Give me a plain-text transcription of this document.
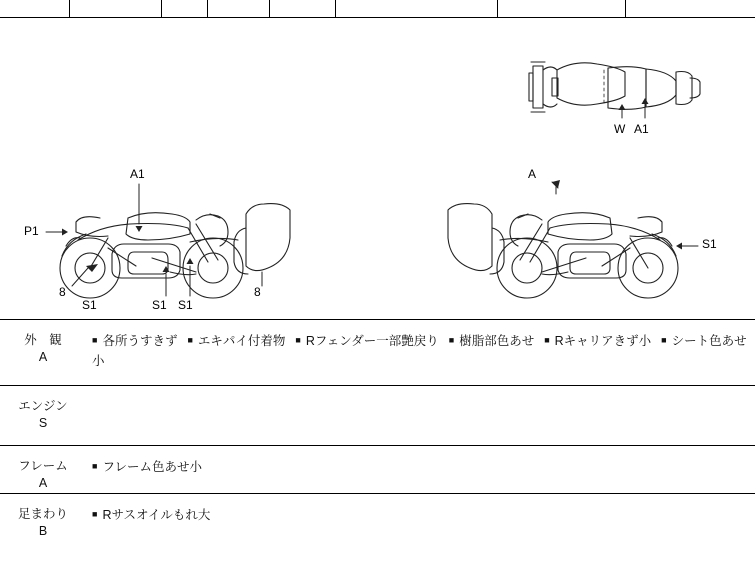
W A1
A1
P1
8
S1	S1 S1
8
A
S1
外　観
A
■ 各所うすきず ■ エキパイ付着物 ■ Rフェンダー一部艶戻り ■ 樹脂部色あせ ■ Rキャリアきず小 ■ シート色あせ小
エンジン
S
フレーム
A
■ フレーム色あせ小
足まわり
B
■ Rサスオイルもれ大
